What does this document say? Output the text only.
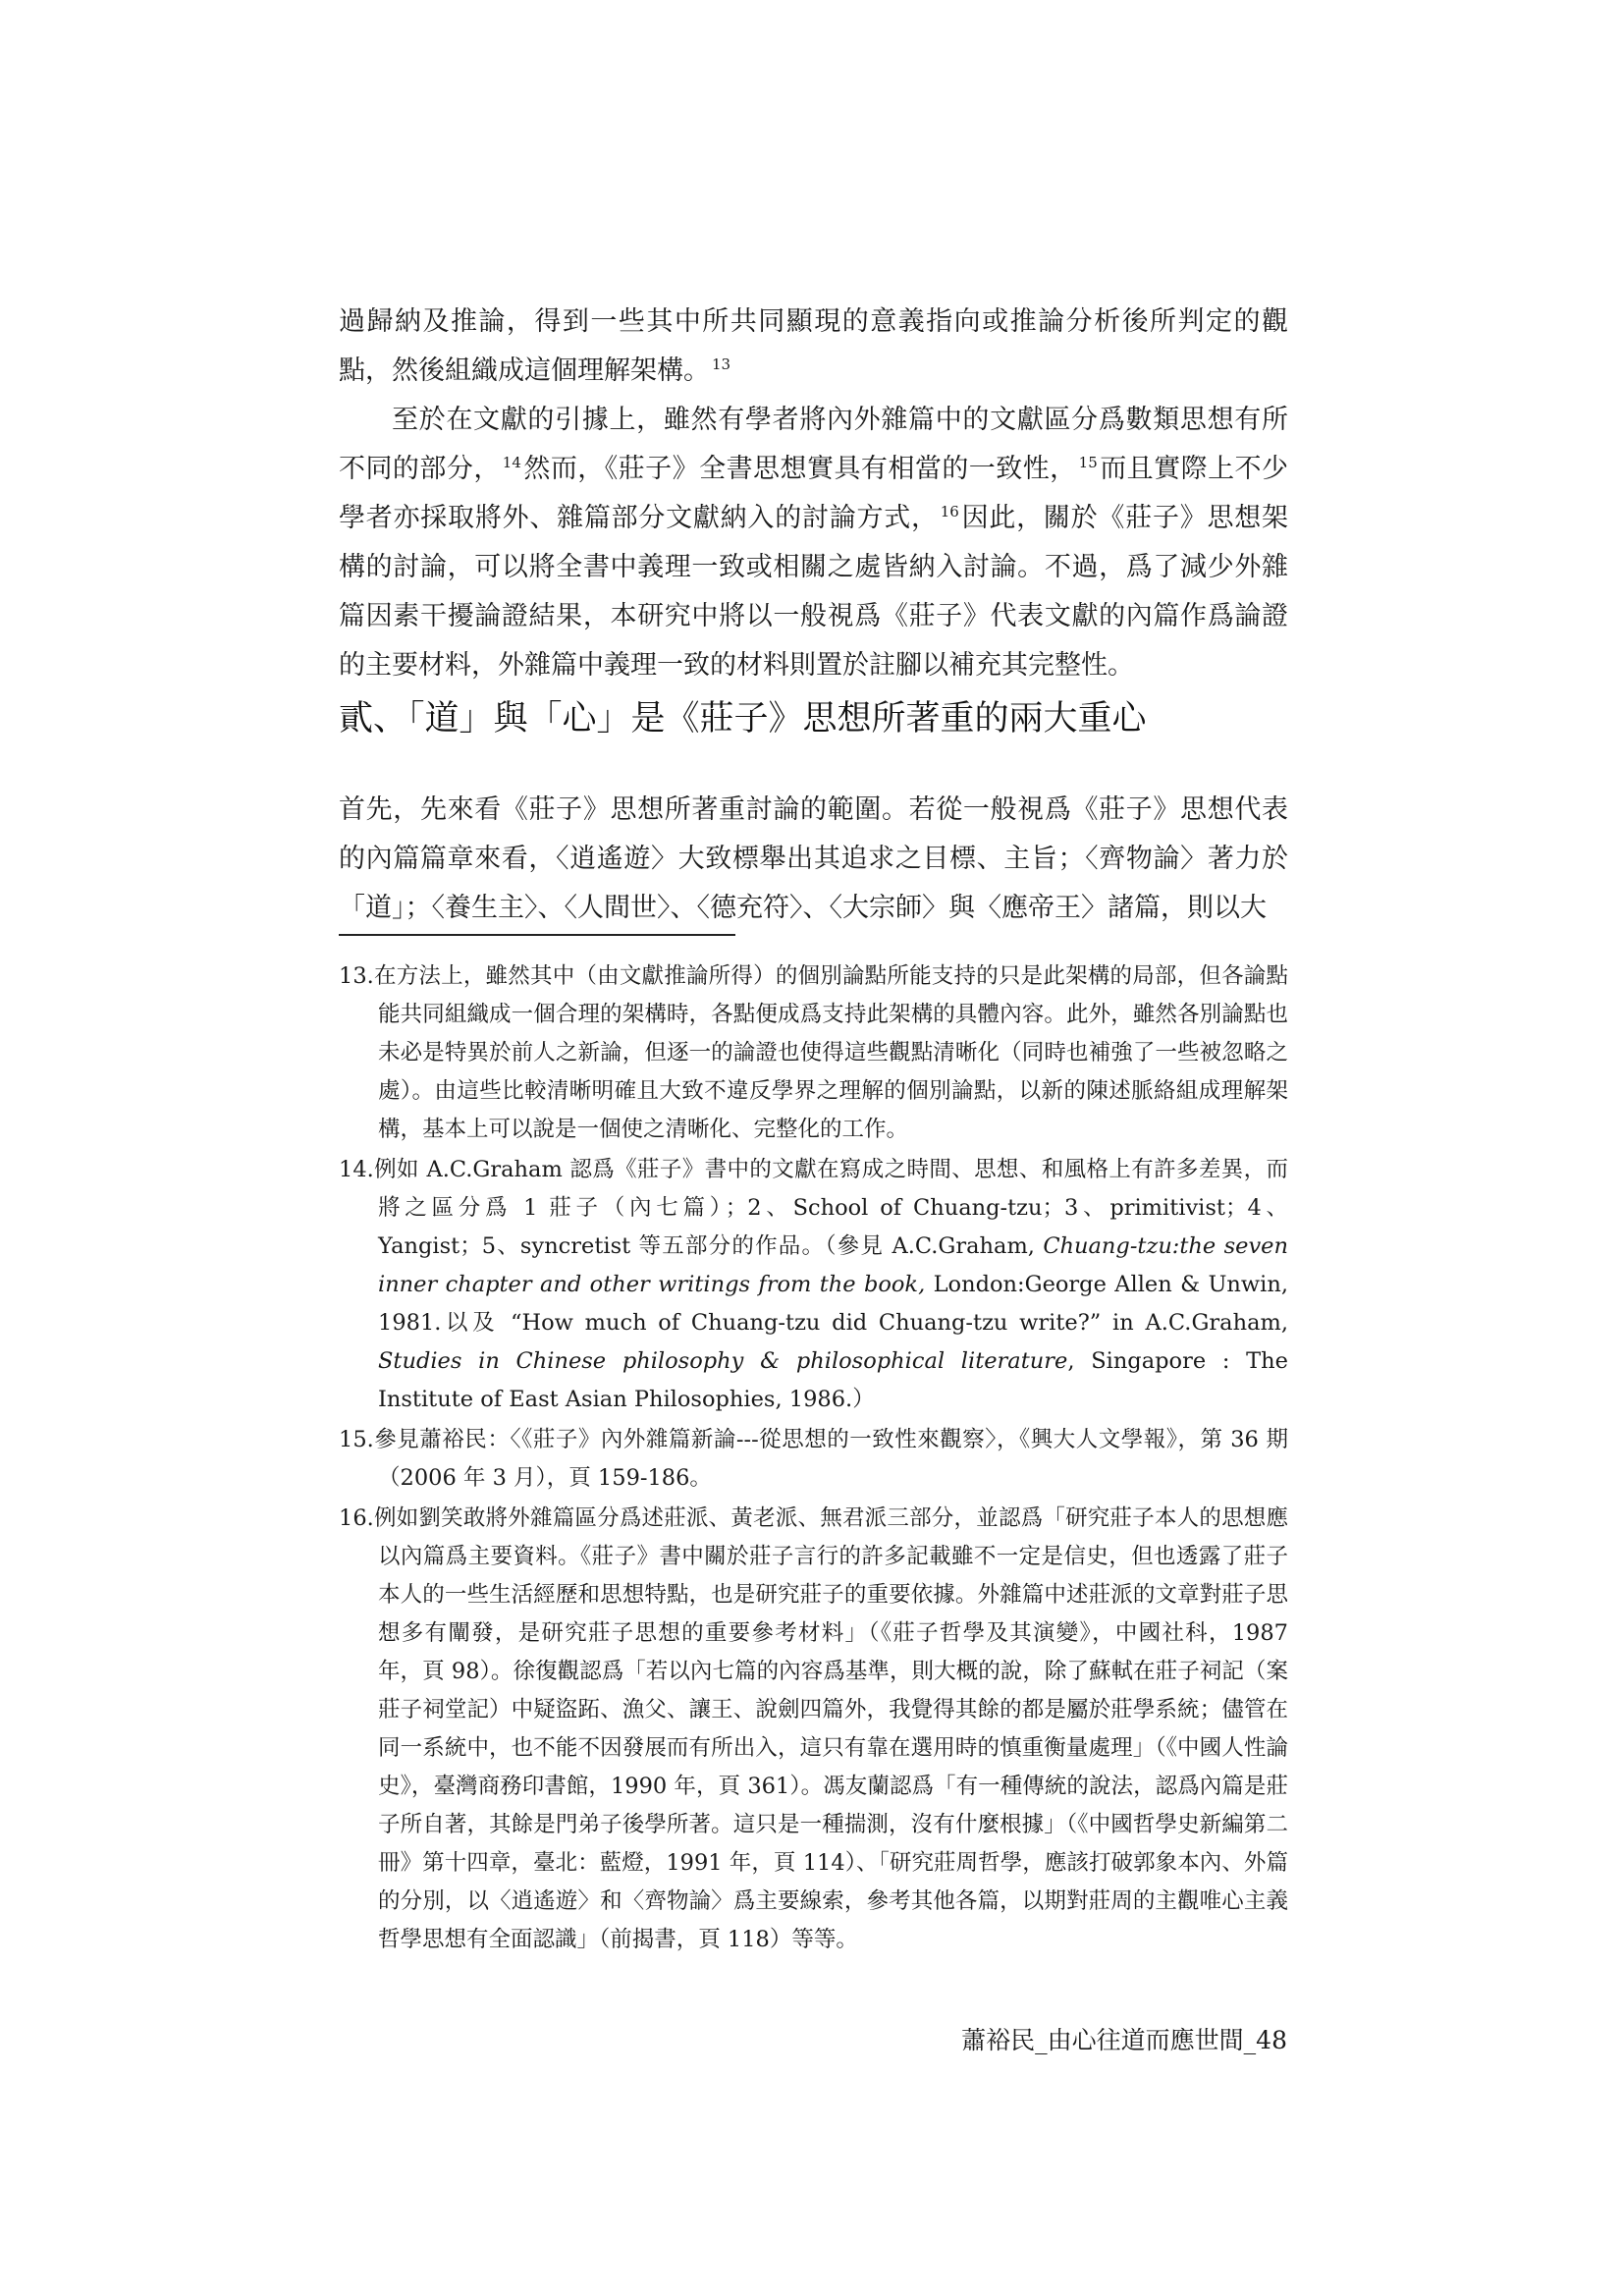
過歸納及推論，得到一些其中所共同顯現的意義指向或推論分析後所判定的觀點，然後組織成這個理解架構。 $^{13}$

至於在文獻的引據上，雖然有學者將內外雜篇中的文獻區分爲數類思想有所不同的部分， $^{14}$然而，《莊子》全書思想實具有相當的一致性， $^{15}$而且實際上不少學者亦採取將外、雜篇部分文獻納入的討論方式， $^{16}$因此，關於《莊子》思想架構的討論，可以將全書中義理一致或相關之處皆納入討論。不過，爲了減少外雜篇因素干擾論證結果，本研究中將以一般視爲《莊子》代表文獻的內篇作爲論證的主要材料，外雜篇中義理一致的材料則置於註腳以補充其完整性。

貳、「道」與「心」是《莊子》思想所著重的兩大重心

首先，先來看《莊子》思想所著重討論的範圍。若從一般視爲《莊子》思想代表的內篇篇章來看，〈逍遙遊〉大致標舉出其追求之目標、主旨；〈齊物論〉著力於「道」；〈養生主〉、〈人間世〉、〈德充符〉、〈大宗師〉與〈應帝王〉諸篇，則以大

13.在方法上，雖然其中（由文獻推論所得）的個別論點所能支持的只是此架構的局部，但各論點能共同組織成一個合理的架構時，各點便成爲支持此架構的具體內容。此外，雖然各別論點也未必是特異於前人之新論，但逐一的論證也使得這些觀點清晰化（同時也補強了一些被忽略之處）。由這些比較清晰明確且大致不違反學界之理解的個別論點，以新的陳述脈絡組成理解架構，基本上可以說是一個使之清晰化、完整化的工作。
14.例如 A.C.Graham 認爲《莊子》書中的文獻在寫成之時間、思想、和風格上有許多差異，而將之區分爲 1 莊子（內七篇）；2、School of Chuang-tzu；3、primitivist；4、Yangist；5、syncretist 等五部分的作品。（參見 A.C.Graham, Chuang-tzu:the seven inner chapter and other writings from the book, London:George Allen & Unwin, 1981.以及 “How much of Chuang-tzu did Chuang-tzu write?” in A.C.Graham, Studies in Chinese philosophy & philosophical literature, Singapore : The Institute of East Asian Philosophies, 1986.）
15.參見蕭裕民：〈《莊子》內外雜篇新論---從思想的一致性來觀察〉，《興大人文學報》，第 36 期（2006 年 3 月），頁 159-186。
16.例如劉笑敢將外雜篇區分爲述莊派、黃老派、無君派三部分，並認爲「研究莊子本人的思想應以內篇爲主要資料。《莊子》書中關於莊子言行的許多記載雖不一定是信史，但也透露了莊子本人的一些生活經歷和思想特點，也是研究莊子的重要依據。外雜篇中述莊派的文章對莊子思想多有闡發，是研究莊子思想的重要參考材料」（《莊子哲學及其演變》，中國社科，1987 年，頁 98）。徐復觀認爲「若以內七篇的內容爲基準，則大概的說，除了蘇軾在莊子祠記（案莊子祠堂記）中疑盜跖、漁父、讓王、說劍四篇外，我覺得其餘的都是屬於莊學系統；儘管在同一系統中，也不能不因發展而有所出入，這只有靠在選用時的慎重衡量處理」（《中國人性論史》，臺灣商務印書館，1990 年，頁 361）。馮友蘭認爲「有一種傳統的說法，認爲內篇是莊子所自著，其餘是門弟子後學所著。這只是一種揣測，沒有什麼根據」（《中國哲學史新編第二冊》第十四章，臺北：藍燈，1991 年，頁 114）、「研究莊周哲學，應該打破郭象本內、外篇的分別，以〈逍遙遊〉和〈齊物論〉爲主要線索，參考其他各篇，以期對莊周的主觀唯心主義哲學思想有全面認識」（前揭書，頁 118）等等。
蕭裕民_由心往道而應世間_48
